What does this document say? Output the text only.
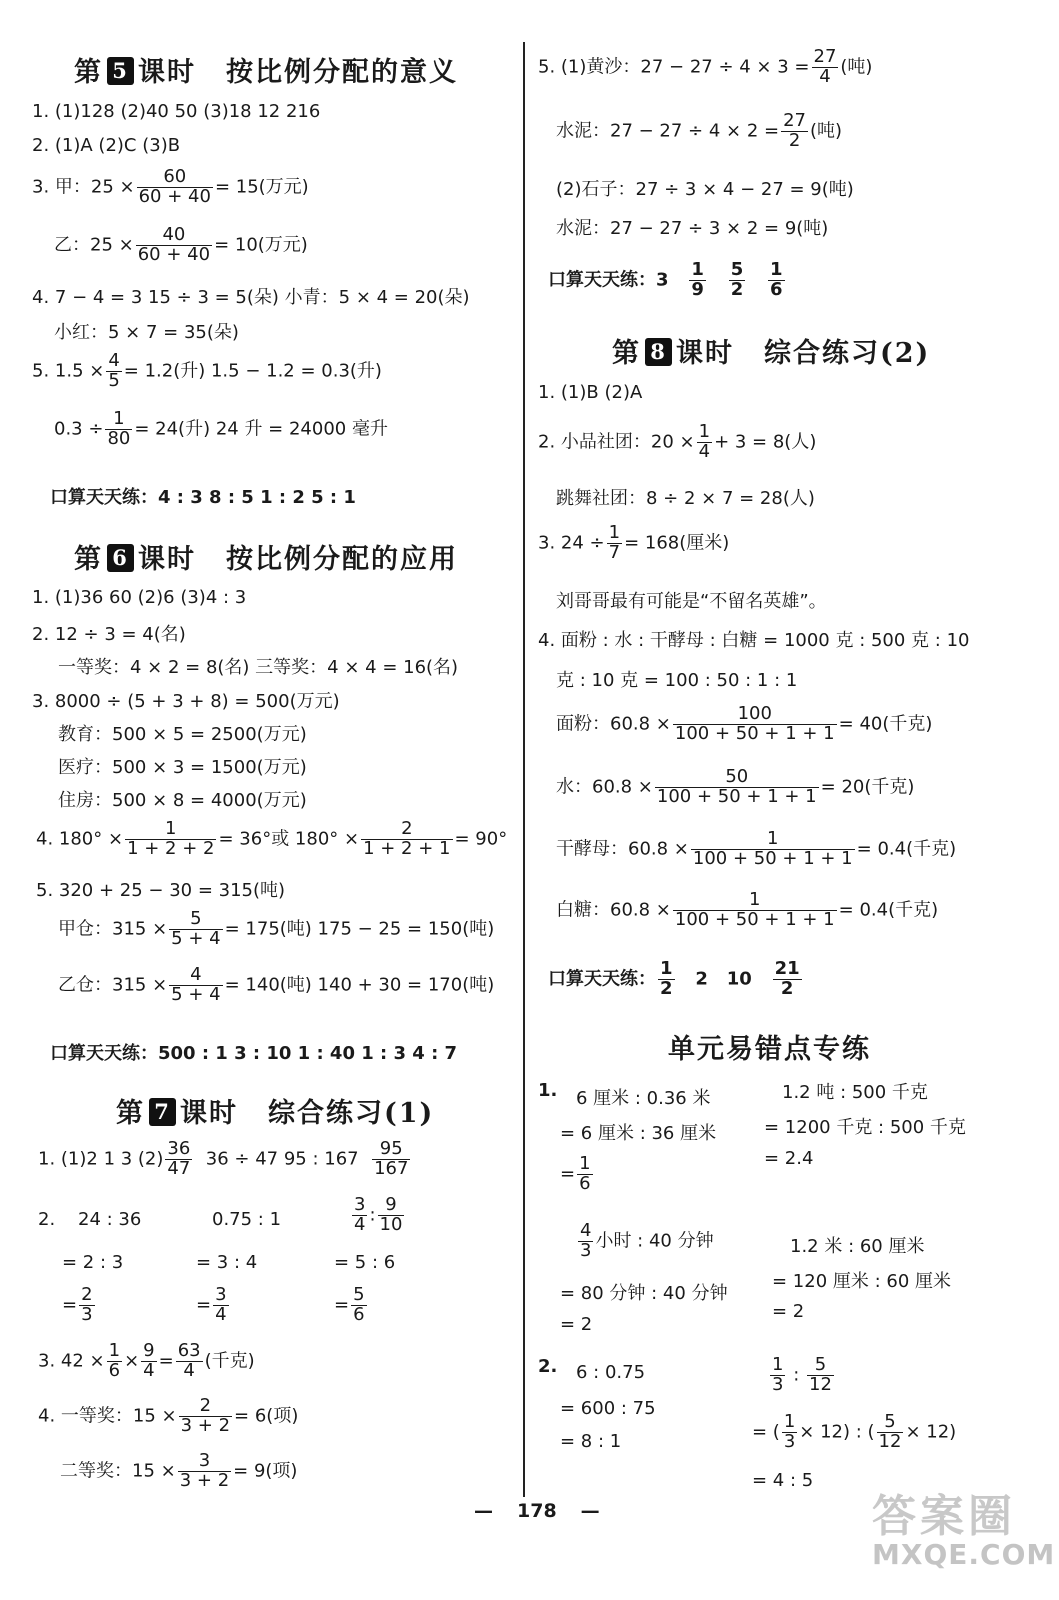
第 5 课时 按比例分配的意义
1. (1)128 (2)40 50 (3)18 12 216
2. (1)A (2)C (3)B
3. 甲：$25 \times \frac{60}{60 + 40} = 15$(万元)
乙：$25 \times \frac{40}{60 + 40} = 10$(万元)
4. 7 − 4 = 3 15 ÷ 3 = 5(朵) 小青：5 × 4 = 20(朵)
小红：5 × 7 = 35(朵)
5. $1.5 \times \frac{4}{5} = 1.2$(升) 1.5 − 1.2 = 0.3(升)
$0.3 \div \frac{1}{80} = 24$(升) 24 升 = 24000 毫升
口算天天练：4 : 3 8 : 5 1 : 2 5 : 1
第 6 课时 按比例分配的应用
1. (1)36 60 (2)6 (3)4 : 3
2. 12 ÷ 3 = 4(名)
一等奖：4 × 2 = 8(名) 三等奖：4 × 4 = 16(名)
3. 8000 ÷ (5 + 3 + 8) = 500(万元)
教育：500 × 5 = 2500(万元)
医疗：500 × 3 = 1500(万元)
住房：500 × 8 = 4000(万元)
4. $180^\circ \times \frac{1}{1 + 2 + 2} = 36^\circ$或 $180^\circ \times \frac{2}{1 + 2 + 1} = 90^\circ$
5. 320 + 25 − 30 = 315(吨)
甲仓：$315 \times \frac{5}{5 + 4} = 175$(吨) 175 − 25 = 150(吨)
乙仓：$315 \times \frac{4}{5 + 4} = 140$(吨) 140 + 30 = 170(吨)
口算天天练：500 : 1 3 : 10 1 : 40 1 : 3 4 : 7
第 7 课时 综合练习(1)
1. (1)2 1 3 $(2) \frac{36}{47} 36 \div 47$ 95 : $167 \frac{95}{167}$
2. 24 : 36
= 2 : 3
= $\frac{2}{3}$
0.75 : 1
= 3 : 4
= $\frac{3}{4}$
$\frac{3}{4}$ : $\frac{9}{10}$
= 5 : 6
= $\frac{5}{6}$
3. $42 \times \frac{1}{6} \times \frac{9}{4} = \frac{63}{4}$ (千克)
4. 一等奖：$15 \times \frac{2}{3 + 2} = 6$(项)
二等奖：$15 \times \frac{3}{3 + 2} = 9$(项)
5. (1)黄沙：$27 - 27 \div 4 \times 3 = \frac{27}{4}$ (吨)
水泥：$27 - 27 \div 4 \times 2 = \frac{27}{2}$ (吨)
(2)石子：27 ÷ 3 × 4 − 27 = 9(吨)
水泥：27 − 27 ÷ 3 × 2 = 9(吨)
口算天天练：$3 \frac{1}{9}$
$\frac{5}{2}$
$\frac{1}{6}$
第 8 课时 综合练习(2)
1. (1)B (2)A
2. 小品社团：$20 \times \frac{1}{4} + 3 = 8$(人)
跳舞社团：8 ÷ 2 × 7 = 28(人)
3. $24 \div \frac{1}{7} = 168$(厘米)
刘哥哥最有可能是“不留名英雄”。
4. 面粉 : 水 : 干酵母 : 白糖 = 1000 克 : 500 克 : 10
克 : 10 克 = 100 : 50 : 1 : 1
面粉：$60.8 \times \frac{100}{100 + 50 + 1 + 1} = 40$(千克)
水：$60.8 \times \frac{50}{100 + 50 + 1 + 1} = 20$(千克)
干酵母：$60.8 \times \frac{1}{100 + 50 + 1 + 1} = 0.4$(千克)
白糖：$60.8 \times \frac{1}{100 + 50 + 1 + 1} = 0.4$(千克)
口算天天练： $\frac{1}{2} 2$ $10 \frac{21}{2}$
单元易错点专练
1. 6 厘米 : 0.36 米
= 6 厘米 : 36 厘米
= $\frac{1}{6}$
1.2 吨 : 500 千克
= 1200 千克 : 500 千克
= 2.4
$\frac{4}{3}$ 小时 : 40 分钟
= 80 分钟 : 40 分钟
= 2
1.2 米 : 60 厘米
= 120 厘米 : 60 厘米
= 2
2. 6 : 0.75
= 600 : 75
= 8 : 1
$\frac{1}{3}$ : $\frac{5}{12}$
= ( $\frac{1}{3} \times 12$) : ( $\frac{5}{12} \times 12$)
= 4 : 5
— 178 —	答案圈
MXQE.COM
